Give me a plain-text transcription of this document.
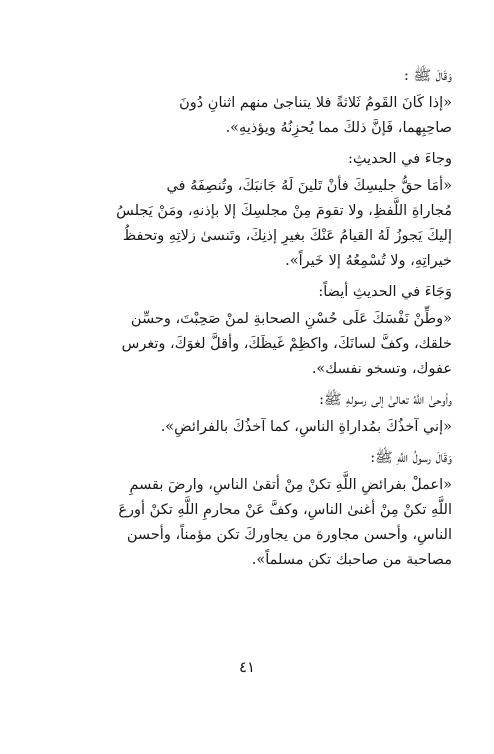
وَقَالَ ﷺ :

«إذا كَانَ القَومُ ثَلاثةً فلا يتناجىٰ منهم اثنانِ دُونَ

صاحِبِهما، فَإنَّ ذلكَ مما يُحزِنُهُ ويؤذيهِ».

وجاءَ في الحديثِ:

«أمَا حقُّ جليسِكَ فأنْ تَلينَ لَهُ جَانبَكَ، وتُنصِفَهُ في

مُجاراةِ اللَّفظِ، ولا تقومَ مِنْ مجلسِكَ إلا بإذنهِ، ومَنْ يَجلسُ

إليكَ يَجوزُ لَهُ القيامُ عَنْكَ بغيرِ إذنِكَ، وتَنسىٰ زلاتِهِ وتحفظُ

خيراتِهِ، ولا تُسْمِعُهُ إلا خَيراً».

وَجَاءَ في الحديثِ أيضاً:

«وطِّنْ نَفْسَكَ عَلَى حُسْنِ الصحابةِ لمنْ صَحِبْتَ، وحسِّن

خلقك، وكفَّ لسانَكَ، واكظِمْ غَيظَكَ، وأقلَّ لغوَكَ، وتغرس

عفوك، وتسخو نفسك».

وأوحىٰ اللَّهُ تعالىٰ إلى رسولهِ ﷺ:

«إني آخذُكَ بمُداراةِ الناسِ، كما آخذُكَ بالفرائضِ».

وَقَالَ رسولُ اللَّهِ ﷺ:

«اعملْ بفرائضِ اللَّهِ تكنْ مِنْ أتقىٰ الناسِ، وارضَ بقسمِ

اللَّهِ تكنْ مِنْ أغنىٰ الناسِ، وكفَّ عَنْ محارمِ اللَّهِ تكنْ أورعَ

الناسِ، وأحسن مجاورة من يجاوركَ تكن مؤمناً، وأحسن

مصاحبة من صاحبك تكن مسلماً».

٤١
